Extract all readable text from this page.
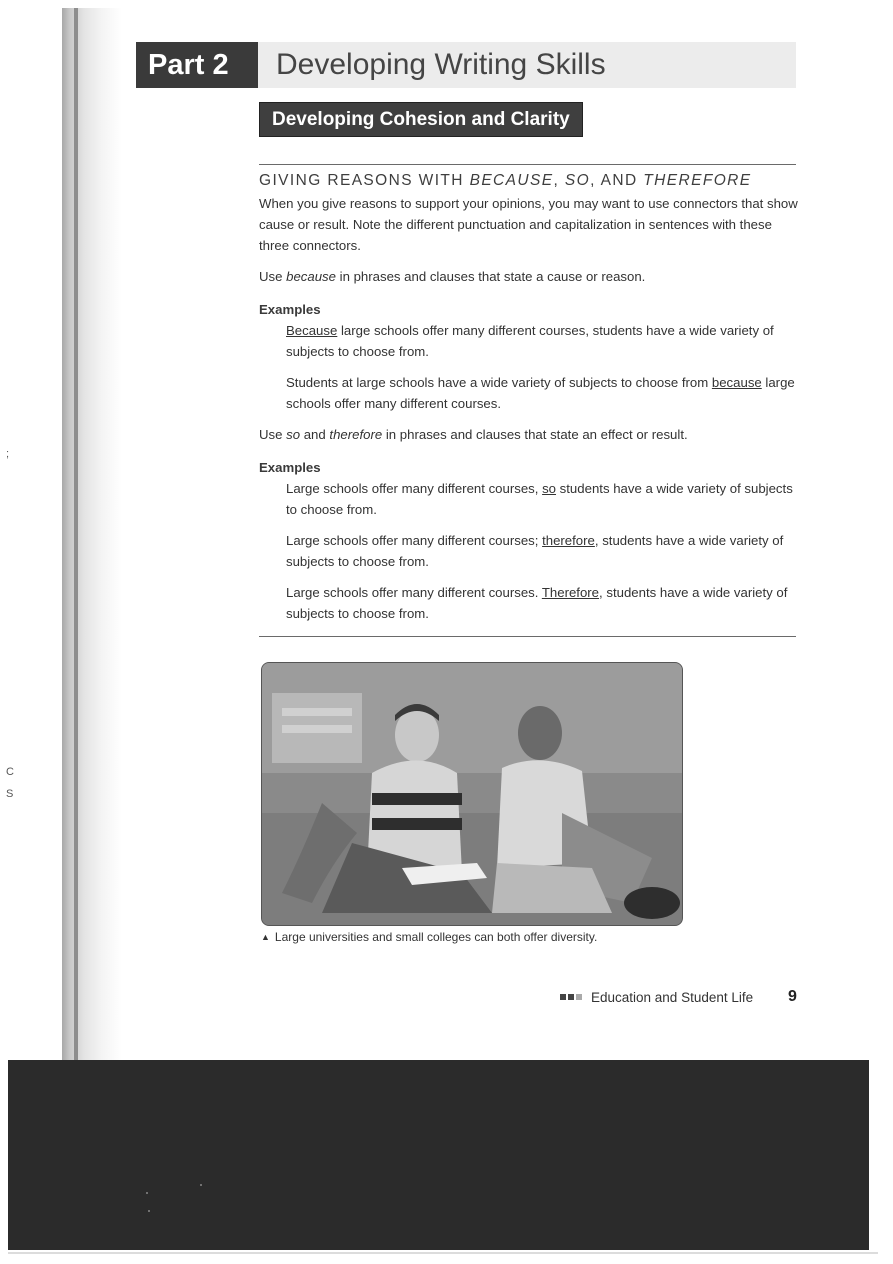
;
C
S
Part 2	Developing Writing Skills
Developing Cohesion and Clarity

GIVING REASONS WITH BECAUSE, SO, AND THEREFORE

When you give reasons to support your opinions, you may want to use connectors that show cause or result. Note the different punctuation and capitalization in sentences with these three connectors.

Use because in phrases and clauses that state a cause or reason.

Examples

Because large schools offer many different courses, students have a wide variety of subjects to choose from.

Students at large schools have a wide variety of subjects to choose from because large schools offer many different courses.

Use so and therefore in phrases and clauses that state an effect or result.

Examples

Large schools offer many different courses, so students have a wide variety of subjects to choose from.

Large schools offer many different courses; therefore, students have a wide variety of subjects to choose from.

Large schools offer many different courses. Therefore, students have a wide variety of subjects to choose from.

▲ Large universities and small colleges can both offer diversity.
Education and Student Life 9
